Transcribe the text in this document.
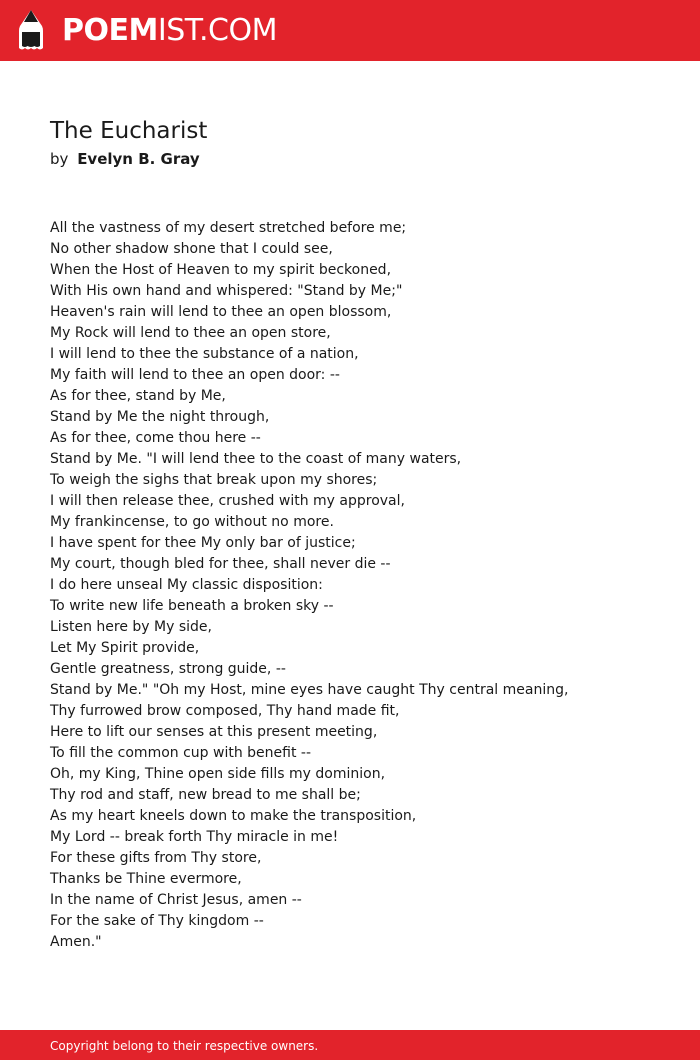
POEMIST.COM
The Eucharist
by Evelyn B. Gray
All the vastness of my desert stretched before me;
No other shadow shone that I could see,
When the Host of Heaven to my spirit beckoned,
With His own hand and whispered: "Stand by Me;"
Heaven's rain will lend to thee an open blossom,
My Rock will lend to thee an open store,
I will lend to thee the substance of a nation,
My faith will lend to thee an open door: --
As for thee, stand by Me,
Stand by Me the night through,
As for thee, come thou here --
Stand by Me. "I will lend thee to the coast of many waters,
To weigh the sighs that break upon my shores;
I will then release thee, crushed with my approval,
My frankincense, to go without no more.
I have spent for thee My only bar of justice;
My court, though bled for thee, shall never die --
I do here unseal My classic disposition:
To write new life beneath a broken sky --
Listen here by My side,
Let My Spirit provide,
Gentle greatness, strong guide, --
Stand by Me." "Oh my Host, mine eyes have caught Thy central meaning,
Thy furrowed brow composed, Thy hand made fit,
Here to lift our senses at this present meeting,
To fill the common cup with benefit --
Oh, my King, Thine open side fills my dominion,
Thy rod and staff, new bread to me shall be;
As my heart kneels down to make the transposition,
My Lord -- break forth Thy miracle in me!
For these gifts from Thy store,
Thanks be Thine evermore,
In the name of Christ Jesus, amen --
For the sake of Thy kingdom --
Amen."
Copyright belong to their respective owners.
